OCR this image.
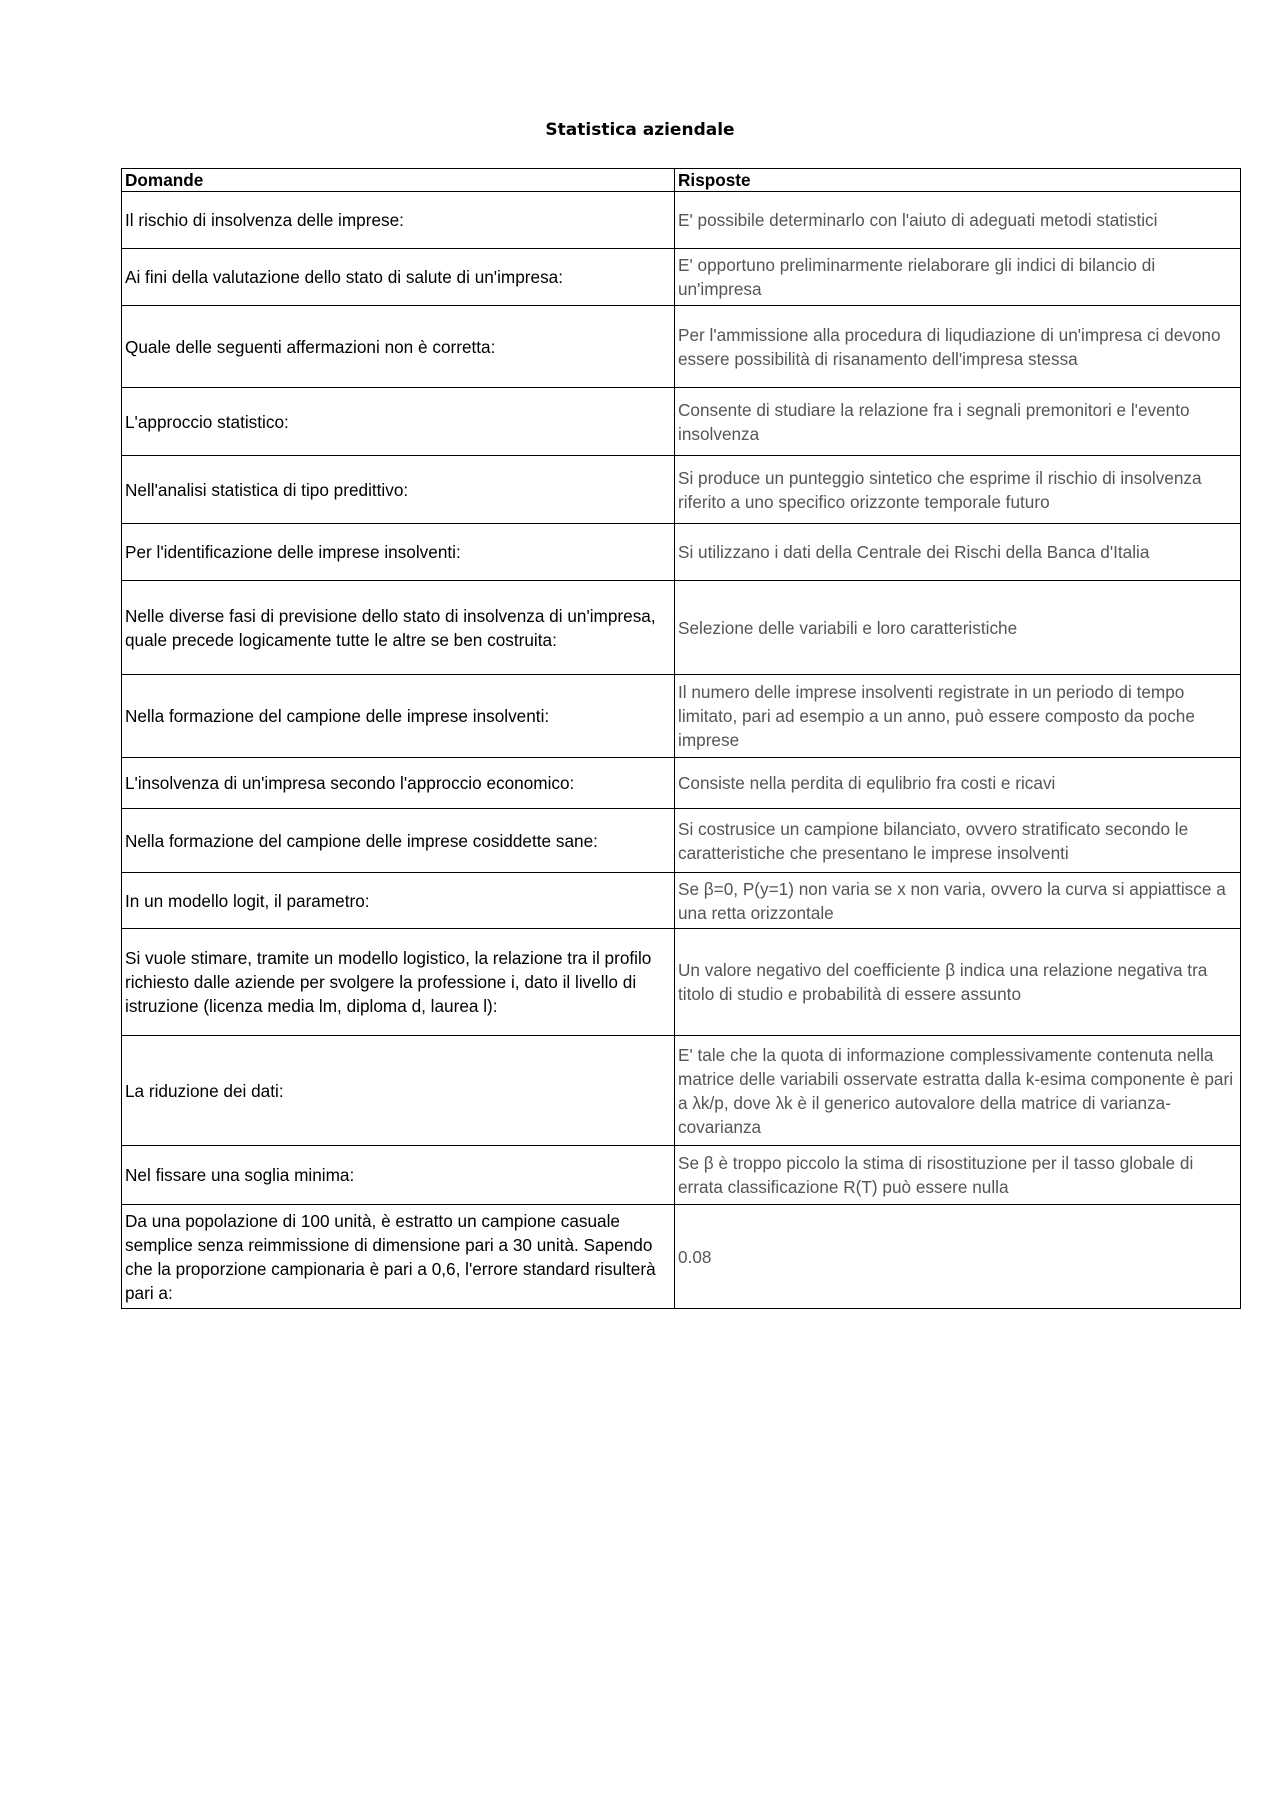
Statistica aziendale
Domande	Risposte
Il rischio di insolvenza delle imprese:	E' possibile determinarlo con l'aiuto di adeguati metodi statistici
Ai fini della valutazione dello stato di salute di un'impresa:	E' opportuno preliminarmente rielaborare gli indici di bilancio di un'impresa
Quale delle seguenti affermazioni non è corretta:	Per l'ammissione alla procedura di liqudiazione di un'impresa ci devono essere possibilità di risanamento dell'impresa stessa
L'approccio statistico:	Consente di studiare la relazione fra i segnali premonitori e l'evento insolvenza
Nell'analisi statistica di tipo predittivo:	Si produce un punteggio sintetico che esprime il rischio di insolvenza riferito a uno specifico orizzonte temporale futuro
Per l'identificazione delle imprese insolventi:	Si utilizzano i dati della Centrale dei Rischi della Banca d'Italia
Nelle diverse fasi di previsione dello stato di insolvenza di un'impresa, quale precede logicamente tutte le altre se ben costruita:	Selezione delle variabili e loro caratteristiche
Nella formazione del campione delle imprese insolventi:	Il numero delle imprese insolventi registrate in un periodo di tempo limitato, pari ad esempio a un anno, può essere composto da poche imprese
L'insolvenza di un'impresa secondo l'approccio economico:	Consiste nella perdita di equlibrio fra costi e ricavi
Nella formazione del campione delle imprese cosiddette sane:	Si costrusice un campione bilanciato, ovvero stratificato secondo le caratteristiche che presentano le imprese insolventi
In un modello logit, il parametro:	Se β=0, P(y=1) non varia se x non varia, ovvero la curva si appiattisce a una retta orizzontale
Si vuole stimare, tramite un modello logistico, la relazione tra il profilo richiesto dalle aziende per svolgere la professione i, dato il livello di istruzione (licenza media lm, diploma d, laurea l):	Un valore negativo del coefficiente β indica una relazione negativa tra titolo di studio e probabilità di essere assunto
La riduzione dei dati:	E' tale che la quota di informazione complessivamente contenuta nella matrice delle variabili osservate estratta dalla k-esima componente è pari a λk/p, dove λk è il generico autovalore della matrice di varianza-covarianza
Nel fissare una soglia minima:	Se β è troppo piccolo la stima di risostituzione per il tasso globale di errata classificazione R(T) può essere nulla
Da una popolazione di 100 unità, è estratto un campione casuale semplice senza reimmissione di dimensione pari a 30 unità. Sapendo che la proporzione campionaria è pari a 0,6, l'errore standard risulterà pari a:	0.08
